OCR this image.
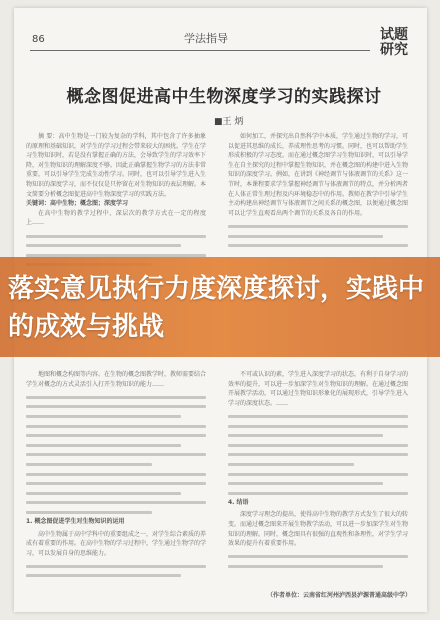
86	学法指导	试题
研究
概念图促进高中生物深度学习的实践探讨
■王 炳

摘 要：高中生物是一门较为复杂的学科，其中包含了许多抽象的原理和基础知识，对学生的学习过程会带来较大的困扰。学生在学习生物知识时，若是没有掌握正确的方法，会导致学生的学习效率下降，对生物知识的理解深度不够。因此正确掌握生物学习的方法非常重要，可以引导学生完成生动性学习。同时，也可以引导学生进入生物知识的深度学习，而不仅仅是只停留在对生物知识的表层理解。本文简要分析概念图促进高中生物深度学习的实践方法。

关键词：高中生物；概念图；深度学习

在高中生物的教学过程中，深层次的教学方式在一定的程度上……

如何加工，并探究出自然科学中本质，学生通过生物的学习，可以促进其思维的成长，养成理性思考的习惯。同时，也可以帮助学生形成积极的学习态度。而在通过概念图学习生物知识时，可以引导学生在自主探究的过程中掌握生物知识，并在概念图的构建中进入生物知识的深度学习。例如，在讲到《神经调节与体液调节的关系》这一节时，本课程要求学生掌握神经调节与体液调节的特点，并分析两者在人体正常生理过程及内环境稳态中的作用。教师在教学中引导学生主动构建出神经调节与体液调节之间关系的概念图，以便通过概念图可以让学生直观看出两个调节的关系及各自的作用。

地图和概念构图等内容。在生物的概念图教学时，教师需要结合学生对概念的方式灵活引入打开生物知识的能力……

1. 概念图促进学生对生物知识的运用

高中生物属于高中学科中的重要组成之一，对学生综合素质的养成有着重要的作用。在高中生物的学习过程中，学生通过生物学的学习，可以发展自身的思维能力。

不可或认识的素，学生进入深度学习的状态，有利于自身学习的效率的提升，可以进一步加深学生对生物知识的理解。在通过概念图开展教学活动，可以通过生物知识形象化的展现形式，引导学生进入学习的深度状态。……

4. 结语

深度学习理念的提出，使得高中生物的教学方式发生了很大的转变。而通过概念图来开展生物教学活动，可以进一步加深学生对生物知识的理解。同时，概念图具有很强的直观性和条理性，对学生学习效果的提升有着重要作用。

（作者单位：云南省红河州泸西县泸源普通高级中学）
落实意见执行力度深度探讨，实践中的成效与挑战
